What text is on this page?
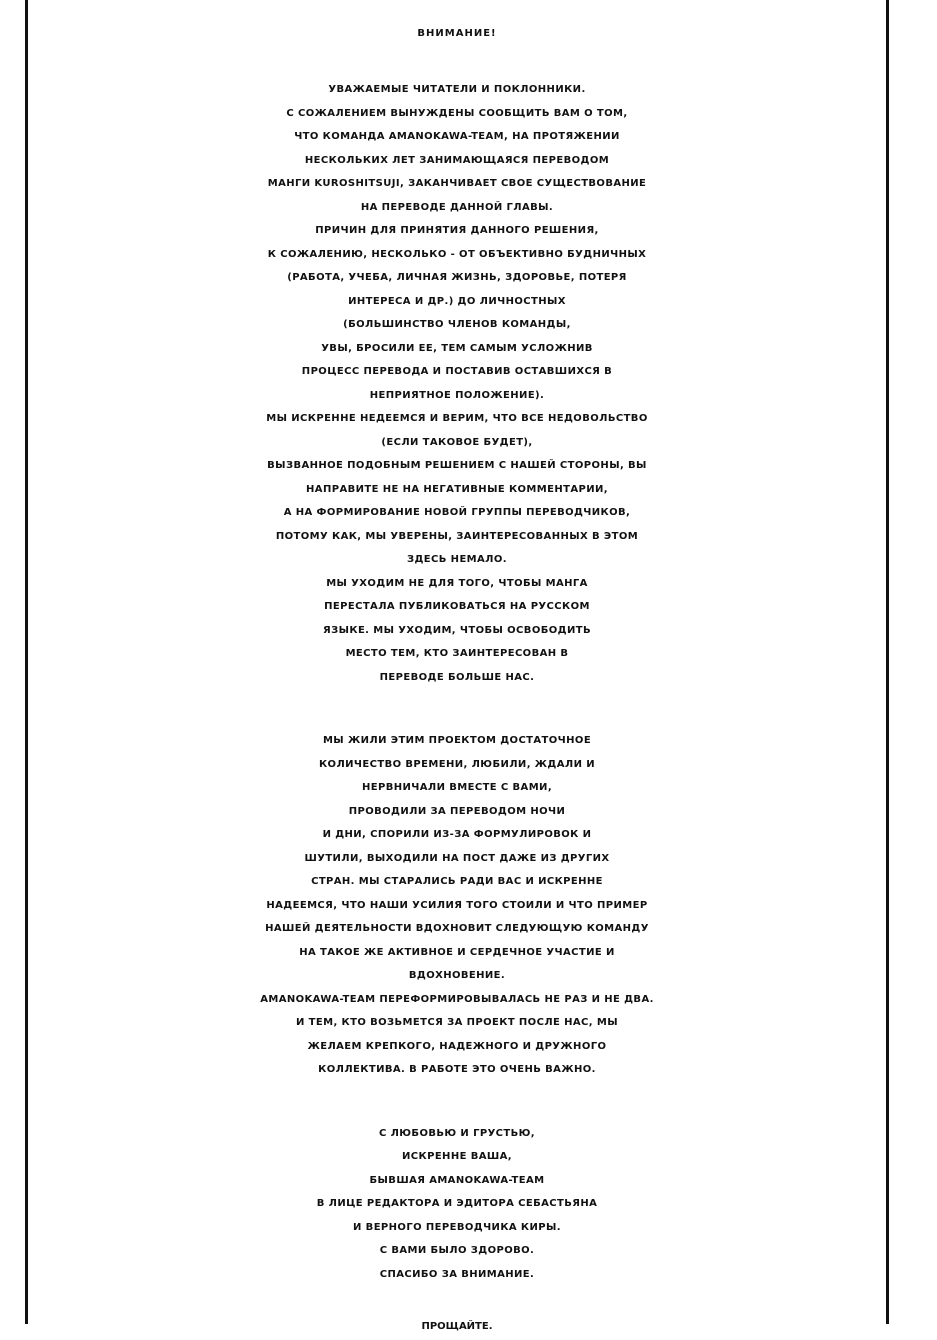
ВНИМАНИЕ!
УВАЖАЕМЫЕ ЧИТАТЕЛИ И ПОКЛОННИКИ.
С СОЖАЛЕНИЕМ ВЫНУЖДЕНЫ СООБЩИТЬ ВАМ О ТОМ,
ЧТО КОМАНДА AMANOKAWA-TEAM, НА ПРОТЯЖЕНИИ
НЕСКОЛЬКИХ ЛЕТ ЗАНИМАЮЩАЯСЯ ПЕРЕВОДОМ
МАНГИ KUROSHITSUJI, ЗАКАНЧИВАЕТ СВОЕ СУЩЕСТВОВАНИЕ
НА ПЕРЕВОДЕ ДАННОЙ ГЛАВЫ.
ПРИЧИН ДЛЯ ПРИНЯТИЯ ДАННОГО РЕШЕНИЯ,
К СОЖАЛЕНИЮ, НЕСКОЛЬКО - ОТ ОБЪЕКТИВНО БУДНИЧНЫХ
(РАБОТА, УЧЕБА, ЛИЧНАЯ ЖИЗНЬ, ЗДОРОВЬЕ, ПОТЕРЯ
ИНТЕРЕСА И ДР.) ДО ЛИЧНОСТНЫХ
(БОЛЬШИНСТВО ЧЛЕНОВ КОМАНДЫ,
УВЫ, БРОСИЛИ ЕЕ, ТЕМ САМЫМ УСЛОЖНИВ
ПРОЦЕСС ПЕРЕВОДА И ПОСТАВИВ ОСТАВШИХСЯ В
НЕПРИЯТНОЕ ПОЛОЖЕНИЕ).
МЫ ИСКРЕННЕ НЕДЕЕМСЯ И ВЕРИМ, ЧТО ВСЕ НЕДОВОЛЬСТВО
(ЕСЛИ ТАКОВОЕ БУДЕТ),
ВЫЗВАННОЕ ПОДОБНЫМ РЕШЕНИЕМ С НАШЕЙ СТОРОНЫ, ВЫ
НАПРАВИТЕ НЕ НА НЕГАТИВНЫЕ КОММЕНТАРИИ,
А НА ФОРМИРОВАНИЕ НОВОЙ ГРУППЫ ПЕРЕВОДЧИКОВ,
ПОТОМУ КАК, МЫ УВЕРЕНЫ, ЗАИНТЕРЕСОВАННЫХ В ЭТОМ
ЗДЕСЬ НЕМАЛО.
МЫ УХОДИМ НЕ ДЛЯ ТОГО, ЧТОБЫ МАНГА
ПЕРЕСТАЛА ПУБЛИКОВАТЬСЯ НА РУССКОМ
ЯЗЫКЕ. МЫ УХОДИМ, ЧТОБЫ ОСВОБОДИТЬ
МЕСТО ТЕМ, КТО ЗАИНТЕРЕСОВАН В
ПЕРЕВОДЕ БОЛЬШЕ НАС.
МЫ ЖИЛИ ЭТИМ ПРОЕКТОМ ДОСТАТОЧНОЕ
КОЛИЧЕСТВО ВРЕМЕНИ, ЛЮБИЛИ, ЖДАЛИ И
НЕРВНИЧАЛИ ВМЕСТЕ С ВАМИ,
ПРОВОДИЛИ ЗА ПЕРЕВОДОМ НОЧИ
И ДНИ, СПОРИЛИ ИЗ-ЗА ФОРМУЛИРОВОК И
ШУТИЛИ, ВЫХОДИЛИ НА ПОСТ ДАЖЕ ИЗ ДРУГИХ
СТРАН. МЫ СТАРАЛИСЬ РАДИ ВАС И ИСКРЕННЕ
НАДЕЕМСЯ, ЧТО НАШИ УСИЛИЯ ТОГО СТОИЛИ И ЧТО ПРИМЕР
НАШЕЙ ДЕЯТЕЛЬНОСТИ ВДОХНОВИТ СЛЕДУЮЩУЮ КОМАНДУ
НА ТАКОЕ ЖЕ АКТИВНОЕ И СЕРДЕЧНОЕ УЧАСТИЕ И
ВДОХНОВЕНИЕ.
AMANOKAWA-TEAM ПЕРЕФОРМИРОВЫВАЛАСЬ НЕ РАЗ И НЕ ДВА.
И ТЕМ, КТО ВОЗЬМЕТСЯ ЗА ПРОЕКТ ПОСЛЕ НАС, МЫ
ЖЕЛАЕМ КРЕПКОГО, НАДЕЖНОГО И ДРУЖНОГО
КОЛЛЕКТИВА. В РАБОТЕ ЭТО ОЧЕНЬ ВАЖНО.
С ЛЮБОВЬЮ И ГРУСТЬЮ,
ИСКРЕННЕ ВАША,
БЫВШАЯ AMANOKAWA-TEAM
В ЛИЦЕ РЕДАКТОРА И ЭДИТОРА СЕБАСТЬЯНА
И ВЕРНОГО ПЕРЕВОДЧИКА КИРЫ.
С ВАМИ БЫЛО ЗДОРОВО.
СПАСИБО ЗА ВНИМАНИЕ.
ПРОЩАЙТЕ.
